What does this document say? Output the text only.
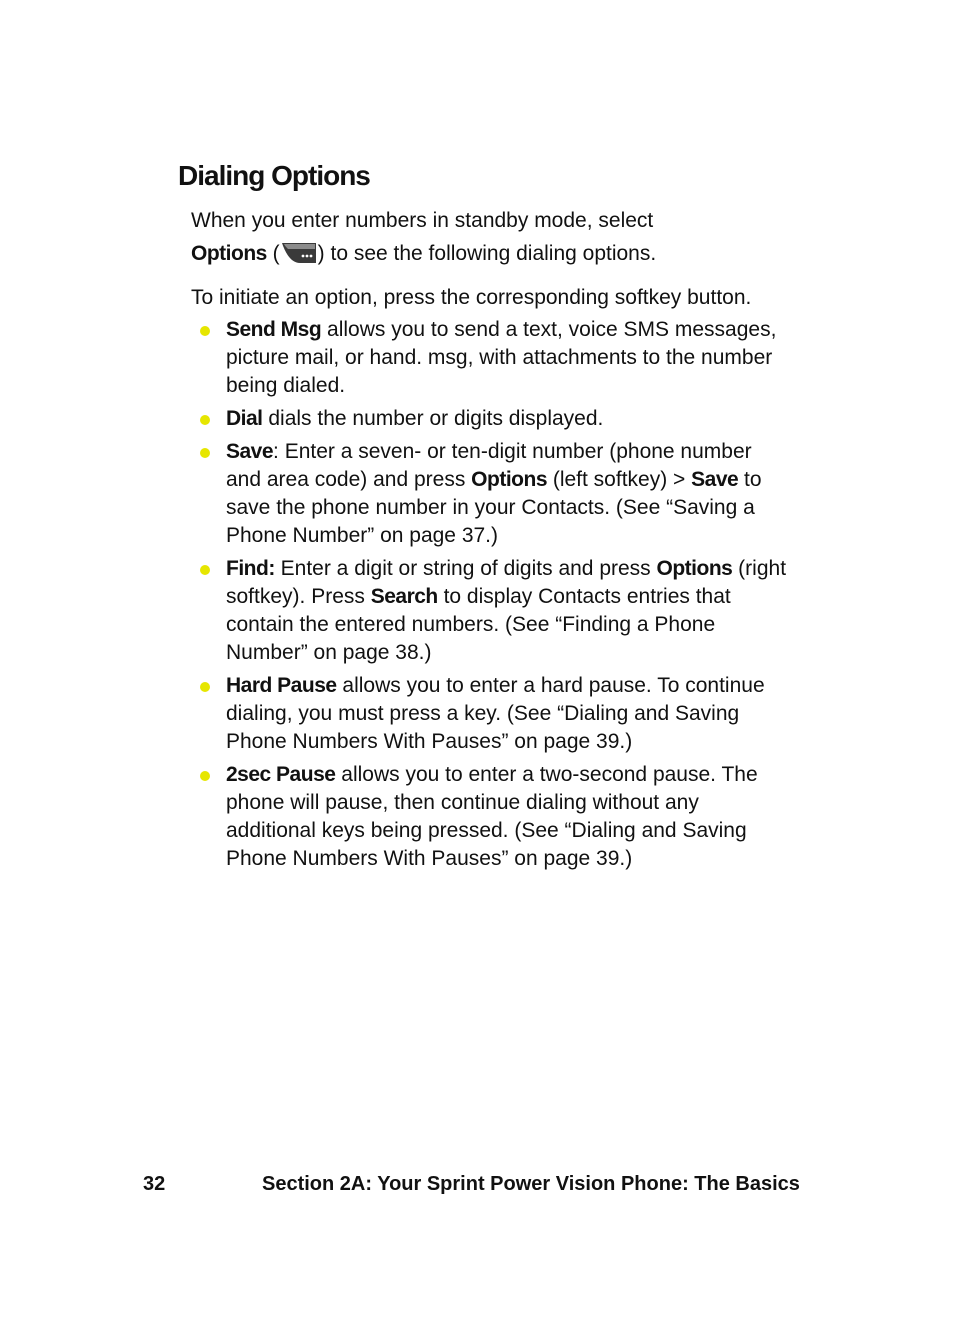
Dialing Options

When you enter numbers in standby mode, select

Options ( ) to see the following dialing options.

To initiate an option, press the corresponding softkey button.

Send Msg allows you to send a text, voice SMS messages, picture mail, or hand. msg, with attachments to the number being dialed.
Dial dials the number or digits displayed.
Save: Enter a seven- or ten-digit number (phone number and area code) and press Options (left softkey) > Save to save the phone number in your Contacts. (See “Saving a Phone Number” on page 37.)
Find: Enter a digit or string of digits and press Options (right softkey). Press Search to display Contacts entries that contain the entered numbers. (See “Finding a Phone Number” on page 38.)
Hard Pause allows you to enter a hard pause. To continue dialing, you must press a key. (See “Dialing and Saving Phone Numbers With Pauses” on page 39.)
2sec Pause allows you to enter a two-second pause. The phone will pause, then continue dialing without any additional keys being pressed. (See “Dialing and Saving Phone Numbers With Pauses” on page 39.)
32	Section 2A: Your Sprint Power Vision Phone: The Basics
